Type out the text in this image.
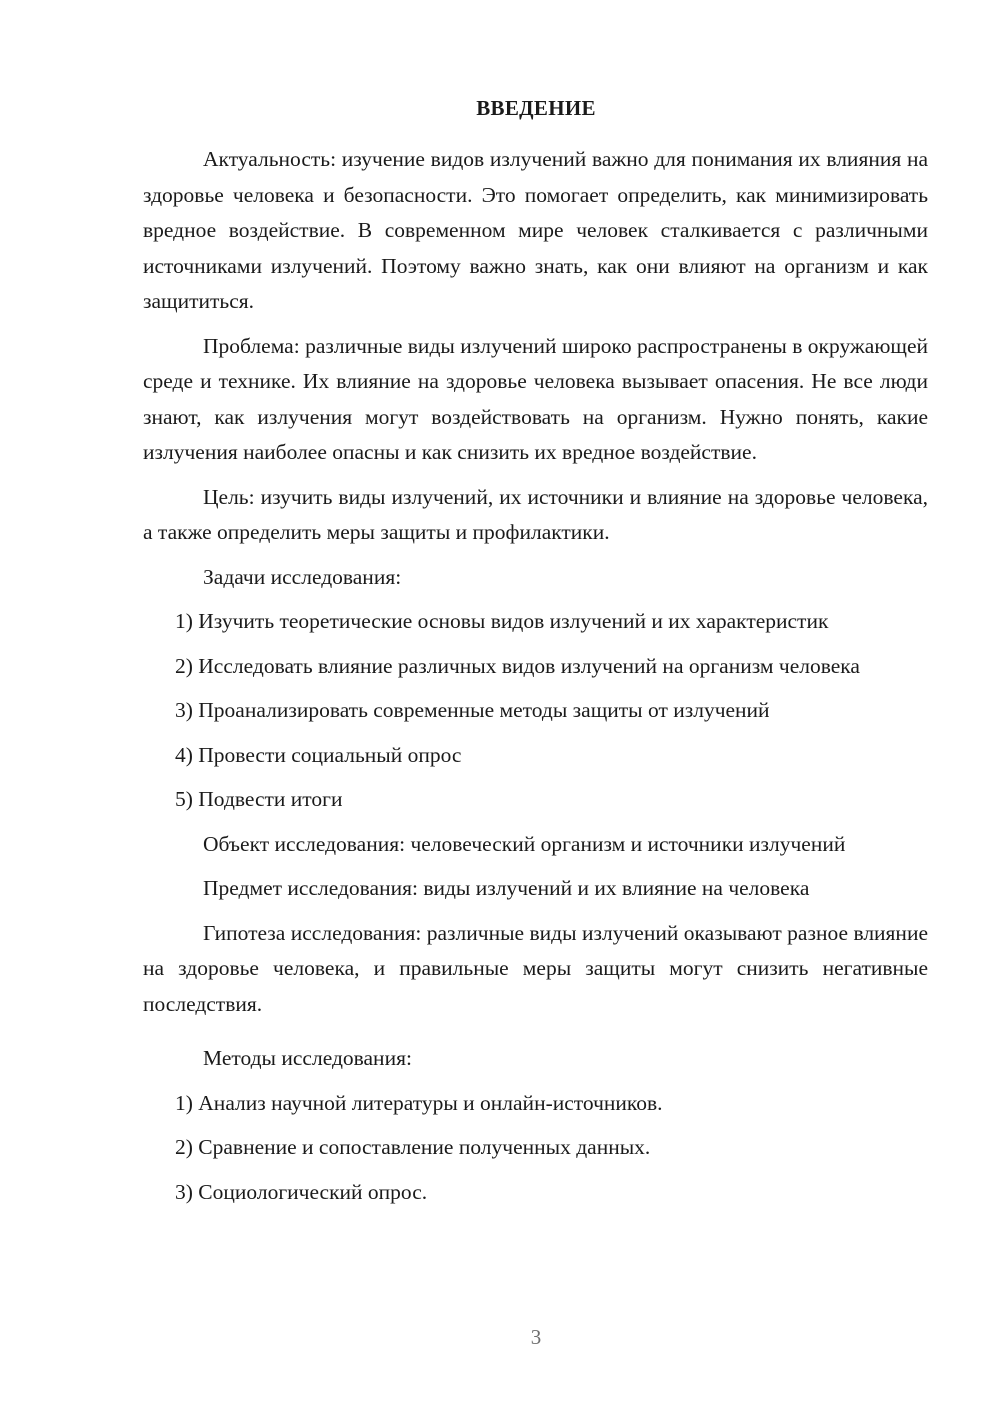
ВВЕДЕНИЕ

Актуальность: изучение видов излучений важно для понимания их влияния на здоровье человека и безопасности. Это помогает определить, как минимизировать вредное воздействие. В современном мире человек сталкивается с различными источниками излучений. Поэтому важно знать, как они влияют на организм и как защититься.

Проблема: различные виды излучений широко распространены в окружающей среде и технике. Их влияние на здоровье человека вызывает опасения. Не все люди знают, как излучения могут воздействовать на организм. Нужно понять, какие излучения наиболее опасны и как снизить их вредное воздействие.

Цель: изучить виды излучений, их источники и влияние на здоровье человека, а также определить меры защиты и профилактики.

Задачи исследования:

1) Изучить теоретические основы видов излучений и их характеристик

2) Исследовать влияние различных видов излучений на организм человека

3) Проанализировать современные методы защиты от излучений

4) Провести социальный опрос

5) Подвести итоги

Объект исследования: человеческий организм и источники излучений

Предмет исследования: виды излучений и их влияние на человека

Гипотеза исследования: различные виды излучений оказывают разное влияние на здоровье человека, и правильные меры защиты могут снизить негативные последствия.

Методы исследования:

1) Анализ научной литературы и онлайн-источников.

2) Сравнение и сопоставление полученных данных.

3) Социологический опрос.

3
